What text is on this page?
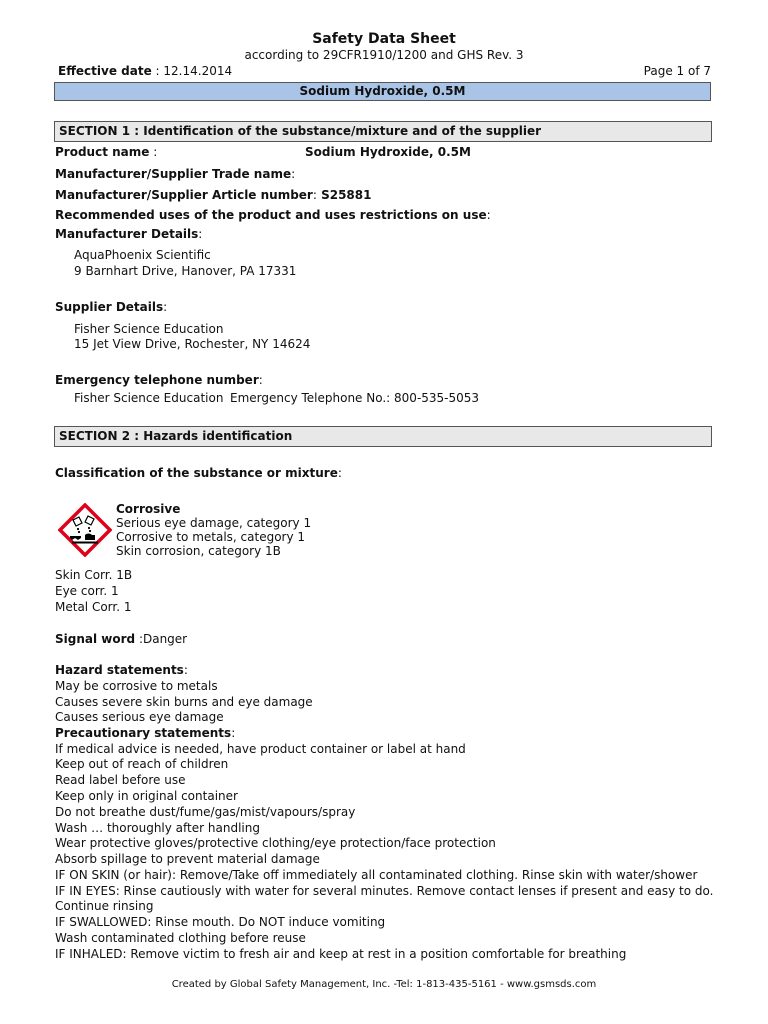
Safety Data Sheet
according to 29CFR1910/1200 and GHS Rev. 3
Effective date : 12.14.2014	Page 1 of 7
Sodium Hydroxide, 0.5M
SECTION 1 : Identification of the substance/mixture and of the supplier
Product name :	Sodium Hydroxide, 0.5M
Manufacturer/Supplier Trade name:
Manufacturer/Supplier Article number: S25881
Recommended uses of the product and uses restrictions on use:
Manufacturer Details:
AquaPhoenix Scientific
9 Barnhart Drive, Hanover, PA 17331
Supplier Details:
Fisher Science Education
15 Jet View Drive, Rochester, NY 14624
Emergency telephone number:
Fisher Science Education Emergency Telephone No.: 800-535-5053
SECTION 2 : Hazards identification
Classification of the substance or mixture:
Corrosive
Serious eye damage, category 1
Corrosive to metals, category 1
Skin corrosion, category 1B
Skin Corr. 1B
Eye corr. 1
Metal Corr. 1
Signal word :Danger
Hazard statements:
May be corrosive to metals
Causes severe skin burns and eye damage
Causes serious eye damage
Precautionary statements:
If medical advice is needed, have product container or label at hand
Keep out of reach of children
Read label before use
Keep only in original container
Do not breathe dust/fume/gas/mist/vapours/spray
Wash … thoroughly after handling
Wear protective gloves/protective clothing/eye protection/face protection
Absorb spillage to prevent material damage
IF ON SKIN (or hair): Remove/Take off immediately all contaminated clothing. Rinse skin with water/shower
IF IN EYES: Rinse cautiously with water for several minutes. Remove contact lenses if present and easy to do.
Continue rinsing
IF SWALLOWED: Rinse mouth. Do NOT induce vomiting
Wash contaminated clothing before reuse
IF INHALED: Remove victim to fresh air and keep at rest in a position comfortable for breathing
Created by Global Safety Management, Inc. -Tel: 1-813-435-5161 - www.gsmsds.com
